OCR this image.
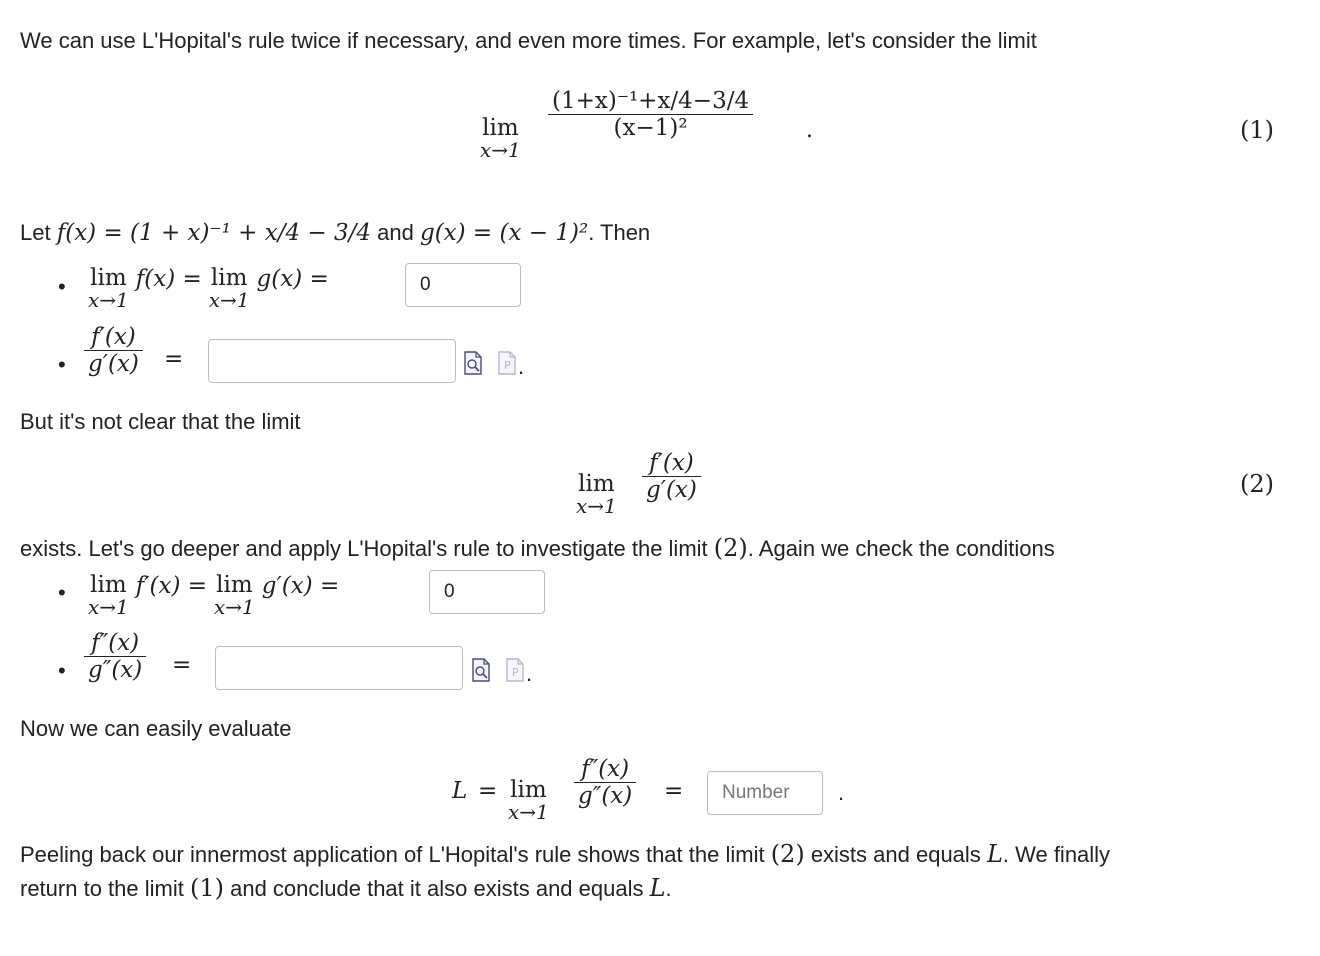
We can use L'Hopital's rule twice if necessary, and even more times. For example, let's consider the limit
lim
x→1
$\frac{\text{(1+x)⁻¹+x/4−3/4}}{\text{(x−1)²}}$ .	(1)
Let f(x) = (1 + x)⁻¹ + x/4 − 3/4 and g(x) = (x − 1)². Then
• lim
x→1
f(x) = lim
x→1
g(x) =
0
• $\frac{f'(x)}{g'(x)}$ =	P .
But it's not clear that the limit
lim
x→1
$\frac{f'(x)}{g'(x)}$	(2)
exists. Let's go deeper and apply L'Hopital's rule to investigate the limit (2). Again we check the conditions
• lim
x→1
f′(x) = lim
x→1
g′(x) =
0
• $\frac{f''(x)}{g''(x)}$ =	P .
Now we can easily evaluate
L = lim
x→1
$\frac{f''(x)}{g''(x)}$ =
Number	.
Peeling back our innermost application of L'Hopital's rule shows that the limit (2) exists and equals L. We finally
return to the limit (1) and conclude that it also exists and equals L.
